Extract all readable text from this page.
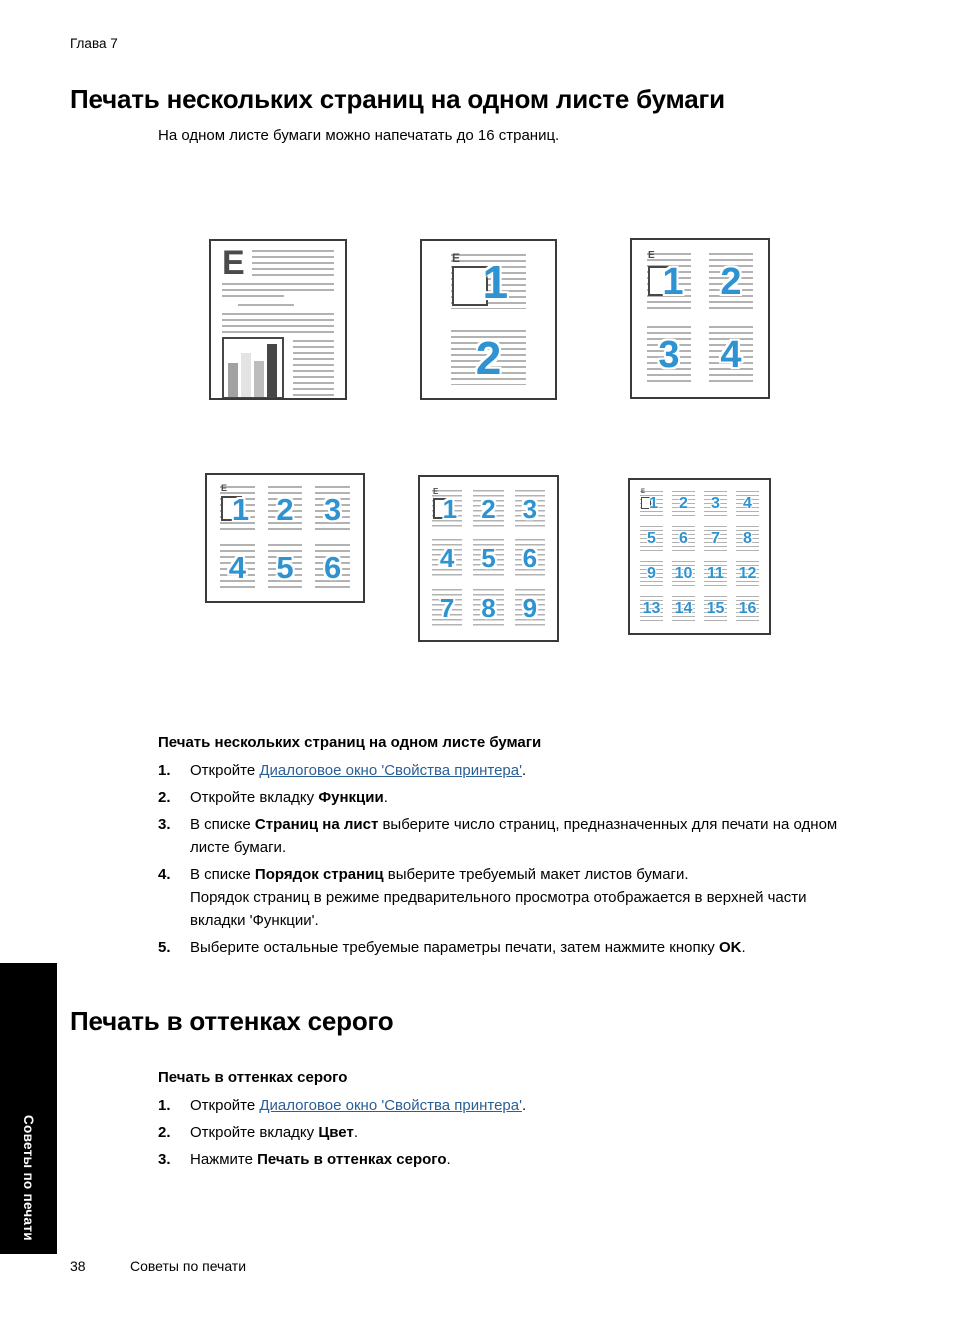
Глава 7
Печать нескольких страниц на одном листе бумаги
На одном листе бумаги можно напечатать до 16 страниц.
E	E 1
2
E
1 2
3 4
E
1 2 3
4 5 6
E
1 2 3
4 5 6
7 8 9
E
1 2 3 4
5 6 7 8
9 10 11 12
13 14 15 16
Печать нескольких страниц на одном листе бумаги
1.	Откройте Диалоговое окно 'Свойства принтера'.
2.	Откройте вкладку Функции.
3.	В списке Страниц на лист выберите число страниц, предназначенных для печати на одном листе бумаги.
4.	В списке Порядок страниц выберите требуемый макет листов бумаги.
Порядок страниц в режиме предварительного просмотра отображается в верхней части вкладки 'Функции'.
5.	Выберите остальные требуемые параметры печати, затем нажмите кнопку OK.
Печать в оттенках серого
Печать в оттенках серого
1.	Откройте Диалоговое окно 'Свойства принтера'.
2.	Откройте вкладку Цвет.
3.	Нажмите Печать в оттенках серого.
Советы по печати
38	Советы по печати
